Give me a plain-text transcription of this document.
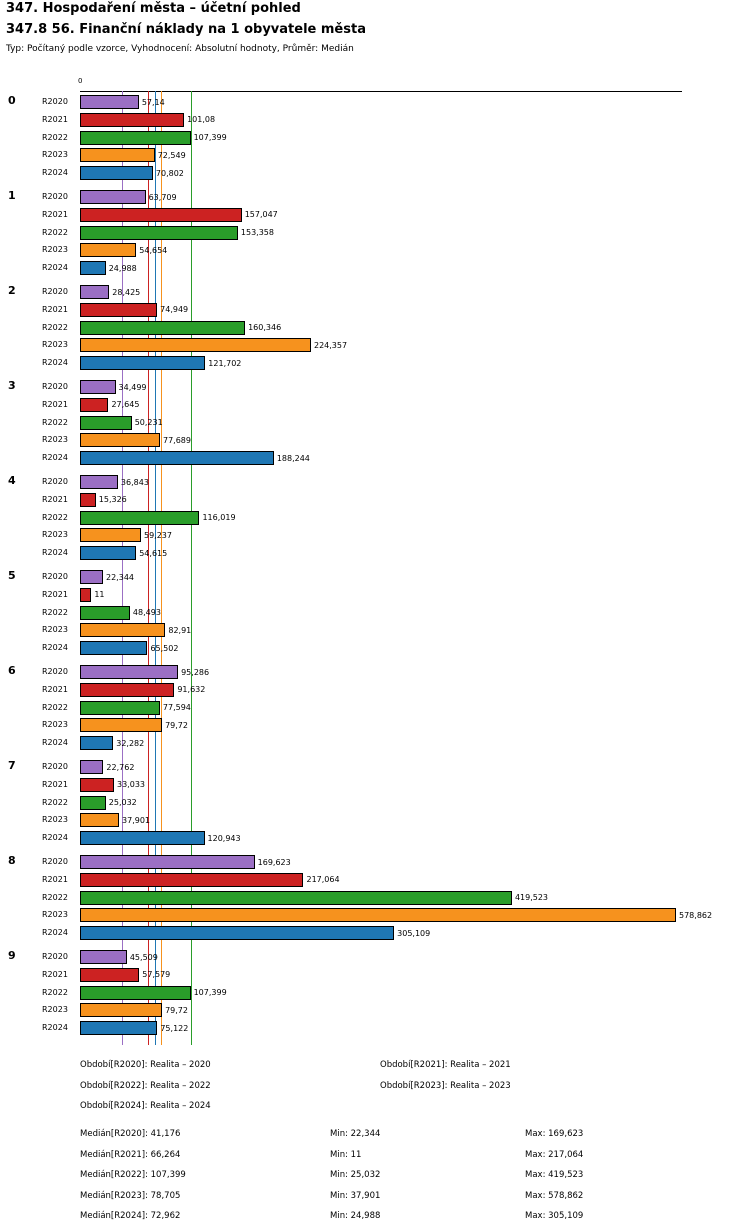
347. Hospodaření města – účetní pohled
347.8 56. Finanční náklady na 1 obyvatele města
Typ: Počítaný podle vzorce, Vyhodnocení: Absolutní hodnoty, Průměr: Medián
0
0
1
2
3
4
5
6
7
8
9
R2020	57,14
R2021	101,08
R2022	107,399
R2023	72,549
R2024	70,802
R2020	63,709
R2021	157,047
R2022	153,358
R2023	54,654
R2024	24,988
R2020	28,425
R2021	74,949
R2022	160,346
R2023	224,357
R2024	121,702
R2020	34,499
R2021	27,645
R2022	50,231
R2023	77,689
R2024	188,244
R2020	36,843
R2021	15,326
R2022	116,019
R2023	59,237
R2024	54,615
R2020	22,344
R2021	11
R2022	48,493
R2023	82,91
R2024	65,502
R2020	95,286
R2021	91,632
R2022	77,594
R2023	79,72
R2024	32,282
R2020	22,762
R2021	33,033
R2022	25,032
R2023	37,901
R2024	120,943
R2020	169,623
R2021	217,064
R2022	419,523
R2023	578,862
R2024	305,109
R2020	45,509
R2021	57,579
R2022	107,399
R2023	79,72
R2024	75,122
Období[R2020]: Realita – 2020	Období[R2021]: Realita – 2021
Období[R2022]: Realita – 2022	Období[R2023]: Realita – 2023
Období[R2024]: Realita – 2024
Medián[R2020]: 41,176	Min: 22,344	Max: 169,623
Medián[R2021]: 66,264	Min: 11	Max: 217,064
Medián[R2022]: 107,399	Min: 25,032	Max: 419,523
Medián[R2023]: 78,705	Min: 37,901	Max: 578,862
Medián[R2024]: 72,962	Min: 24,988	Max: 305,109
